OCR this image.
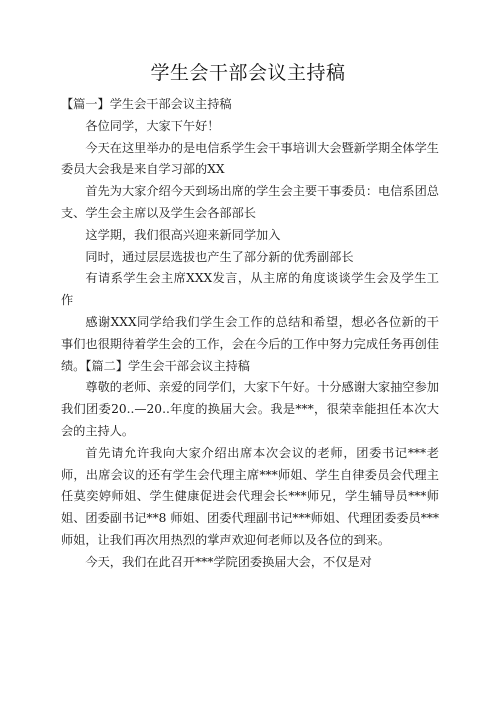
学生会干部会议主持稿

【篇一】学生会干部会议主持稿

各位同学，大家下午好！

今天在这里举办的是电信系学生会干事培训大会暨新学期全体学生委员大会我是来自学习部的XX

首先为大家介绍今天到场出席的学生会主要干事委员：电信系团总支、学生会主席以及学生会各部部长

这学期，我们很高兴迎来新同学加入

同时，通过层层选拔也产生了部分新的优秀副部长

有请系学生会主席XXX发言，从主席的角度谈谈学生会及学生工作

感谢XXX同学给我们学生会工作的总结和希望，想必各位新的干事们也很期待着学生会的工作，会在今后的工作中努力完成任务再创佳绩。【篇二】学生会干部会议主持稿

尊敬的老师、亲爱的同学们，大家下午好。十分感谢大家抽空参加我们团委20..—20..年度的换届大会。我是***，很荣幸能担任本次大会的主持人。

首先请允许我向大家介绍出席本次会议的老师，团委书记***老师，出席会议的还有学生会代理主席***师姐、学生自律委员会代理主任莫奕婷师姐、学生健康促进会代理会长***师兄，学生辅导员***师姐、团委副书记**8 师姐、团委代理副书记***师姐、代理团委委员***师姐，让我们再次用热烈的掌声欢迎何老师以及各位的到来。

今天，我们在此召开***学院团委换届大会，不仅是对
